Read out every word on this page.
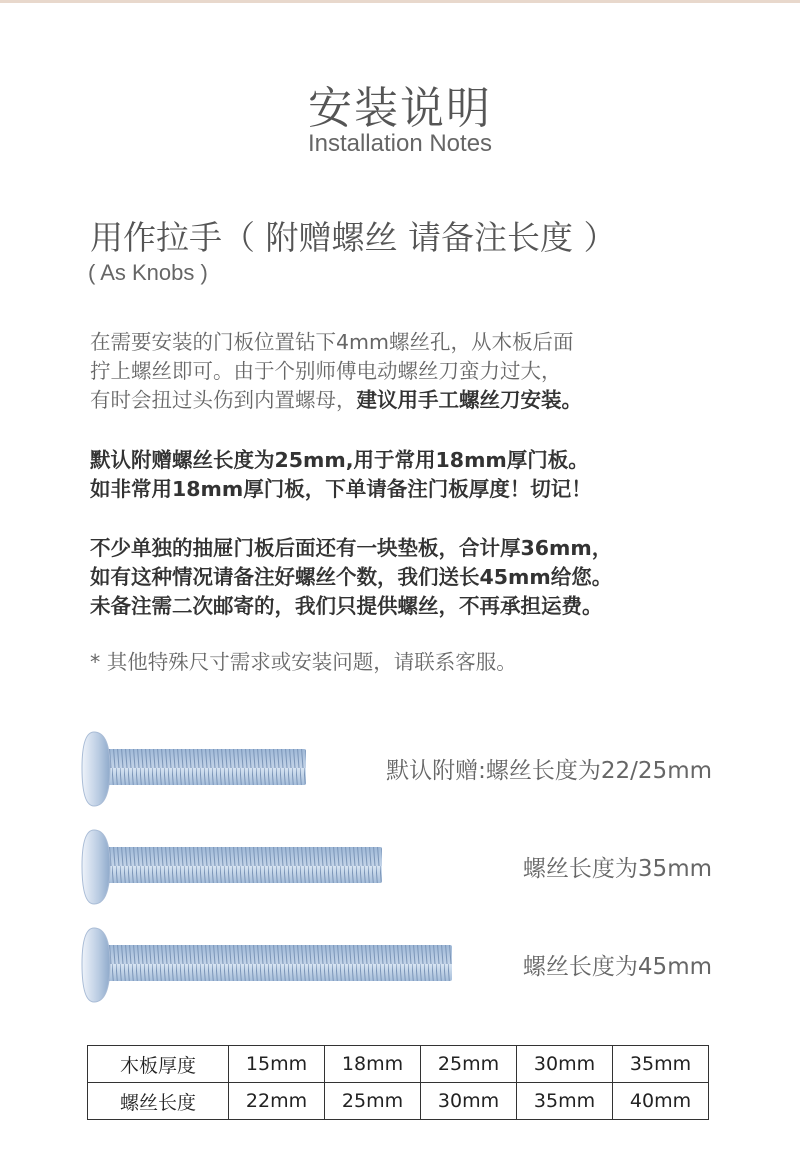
安装说明
Installation Notes
用作拉手（ 附赠螺丝 请备注长度 ）
( As Knobs )
在需要安装的门板位置钻下4mm螺丝孔，从木板后面
拧上螺丝即可。由于个别师傅电动螺丝刀蛮力过大，
有时会扭过头伤到内置螺母，建议用手工螺丝刀安装。
默认附赠螺丝长度为25mm,用于常用18mm厚门板。
如非常用18mm厚门板，下单请备注门板厚度！切记！
不少单独的抽屉门板后面还有一块垫板，合计厚36mm，
如有这种情况请备注好螺丝个数，我们送长45mm给您。
未备注需二次邮寄的，我们只提供螺丝，不再承担运费。
* 其他特殊尺寸需求或安装问题，请联系客服。
默认附赠:螺丝长度为22/25mm
螺丝长度为35mm
螺丝长度为45mm
木板厚度	15mm	18mm	25mm	30mm	35mm
螺丝长度	22mm	25mm	30mm	35mm	40mm
